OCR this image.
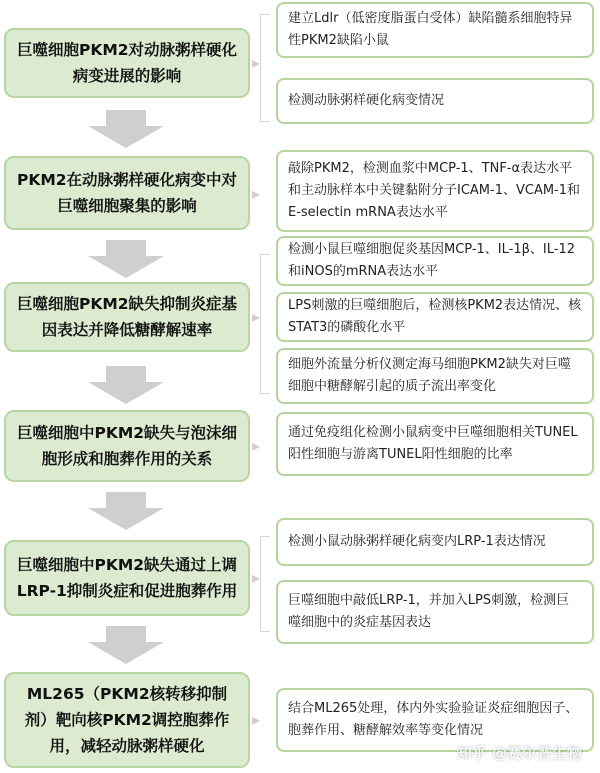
巨噬细胞PKM2对动脉粥样硬化病变进展的影响
▸
建立Ldlr（低密度脂蛋白受体）缺陷髓系细胞特异性PKM2缺陷小鼠
检测动脉粥样硬化病变情况
PKM2在动脉粥样硬化病变中对巨噬细胞聚集的影响
▸
敲除PKM2，检测血浆中MCP-1、TNF-α表达水平和主动脉样本中关键黏附分子ICAM-1、VCAM-1和E-selectin mRNA表达水平
巨噬细胞PKM2缺失抑制炎症基因表达并降低糖酵解速率
▸
检测小鼠巨噬细胞促炎基因MCP-1、IL-1β、IL-12和iNOS的mRNA表达水平
LPS刺激的巨噬细胞后，检测核PKM2表达情况、核STAT3的磷酸化水平
细胞外流量分析仪测定海马细胞PKM2缺失对巨噬细胞中糖酵解引起的质子流出率变化
巨噬细胞中PKM2缺失与泡沫细胞形成和胞葬作用的关系
▸
通过免疫组化检测小鼠病变中巨噬细胞相关TUNEL阳性细胞与游离TUNEL阳性细胞的比率
巨噬细胞中PKM2缺失通过上调LRP-1抑制炎症和促进胞葬作用
▸
检测小鼠动脉粥样硬化病变内LRP-1表达情况
巨噬细胞中敲低LRP-1，并加入LPS刺激，检测巨噬细胞中的炎症基因表达
ML265（PKM2核转移抑制剂）靶向核PKM2调控胞葬作用，减轻动脉粥样硬化
▸
结合ML265处理，体内外实验验证炎症细胞因子、胞葬作用、糖酵解效率等变化情况
知乎 @赛尔普生物
